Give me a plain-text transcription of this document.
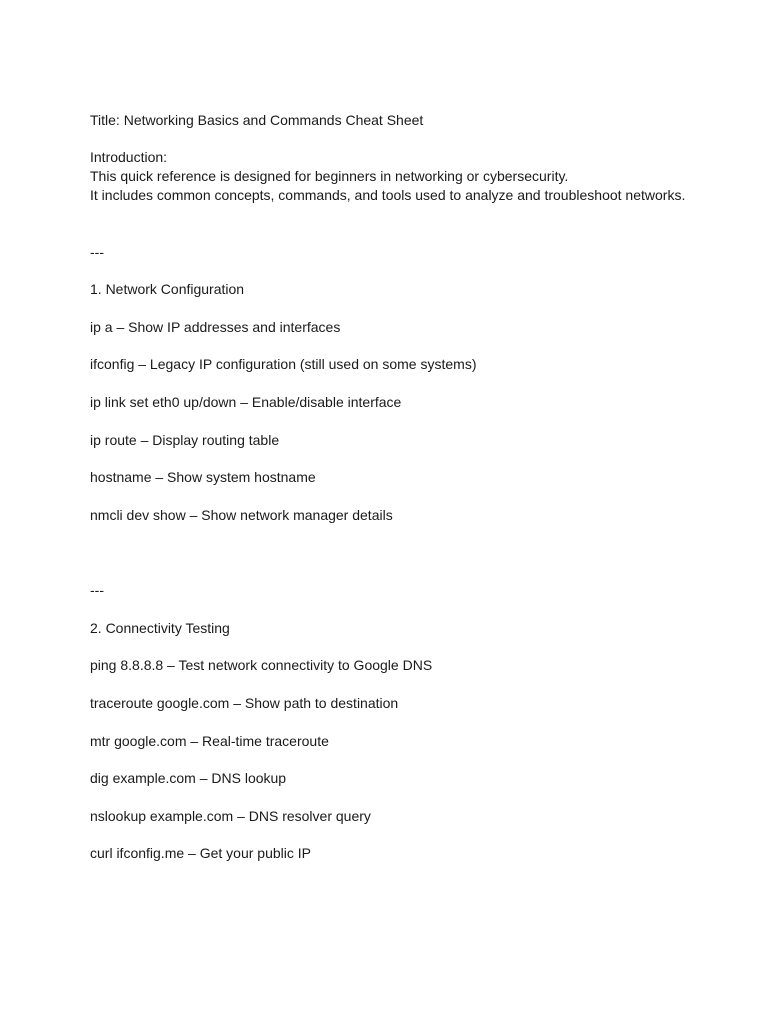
Title: Networking Basics and Commands Cheat Sheet

Introduction:

This quick reference is designed for beginners in networking or cybersecurity.

It includes common concepts, commands, and tools used to analyze and troubleshoot networks.

---

1. Network Configuration

ip a – Show IP addresses and interfaces

ifconfig – Legacy IP configuration (still used on some systems)

ip link set eth0 up/down – Enable/disable interface

ip route – Display routing table

hostname – Show system hostname

nmcli dev show – Show network manager details

---

2. Connectivity Testing

ping 8.8.8.8 – Test network connectivity to Google DNS

traceroute google.com – Show path to destination

mtr google.com – Real-time traceroute

dig example.com – DNS lookup

nslookup example.com – DNS resolver query

curl ifconfig.me – Get your public IP
